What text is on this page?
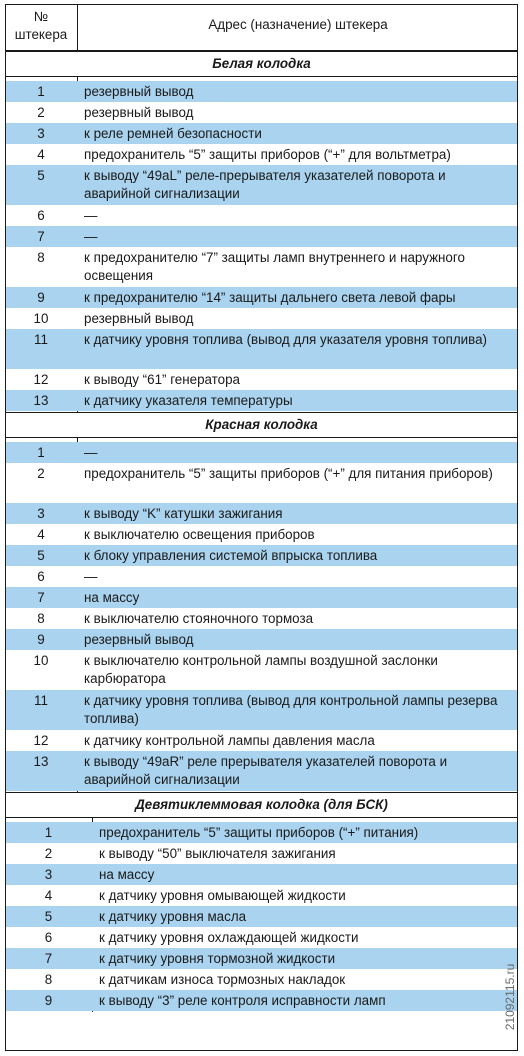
№
штекера
Адрес (назначение) штекера
Белая колодка
1	резервный вывод
2	резервный вывод
3	к реле ремней безопасности
4	предохранитель “5” защиты приборов (“+” для вольтметра)
5	к выводу “49aL” реле-прерывателя указателей поворота и аварийной сигнализации
6	—
7	—
8	к предохранителю “7” защиты ламп внутреннего и наружного освещения
9	к предохранителю “14” защиты дальнего света левой фары
10	резервный вывод
11	к датчику уровня топлива (вывод для указателя уровня топлива)
12	к выводу “61” генератора
13	к датчику указателя температуры
Красная колодка
1	—
2	предохранитель “5” защиты приборов (“+” для питания приборов)
3	к выводу “K” катушки зажигания
4	к выключателю освещения приборов
5	к блоку управления системой впрыска топлива
6	—
7	на массу
8	к выключателю стояночного тормоза
9	резервный вывод
10	к выключателю контрольной лампы воздушной заслонки карбюратора
11	к датчику уровня топлива (вывод для контрольной лампы резерва топлива)
12	к датчику контрольной лампы давления масла
13	к выводу “49aR” реле прерывателя указателей поворота и аварийной сигнализации
Девятиклеммовая колодка (для БСК)
1	предохранитель “5” защиты приборов (“+” питания)
2	к выводу “50” выключателя зажигания
3	на массу
4	к датчику уровня омывающей жидкости
5	к датчику уровня масла
6	к датчику уровня охлаждающей жидкости
7	к датчику уровня тормозной жидкости
8	к датчикам износа тормозных накладок
9	к выводу “3” реле контроля исправности ламп	21092115.ru
